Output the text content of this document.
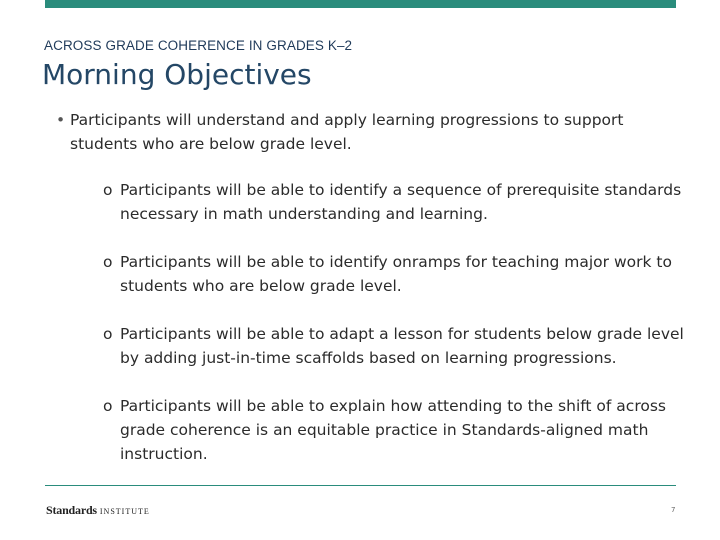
ACROSS GRADE COHERENCE IN GRADES K–2
Morning Objectives
• Participants will understand and apply learning progressions to support students who are below grade level.
o Participants will be able to identify a sequence of prerequisite standards necessary in math understanding and learning.
o Participants will be able to identify onramps for teaching major work to students who are below grade level.
o Participants will be able to adapt a lesson for students below grade level by adding just-in-time scaffolds based on learning progressions.
o Participants will be able to explain how attending to the shift of across grade coherence is an equitable practice in Standards-aligned math instruction.
Standards INSTITUTE	7
